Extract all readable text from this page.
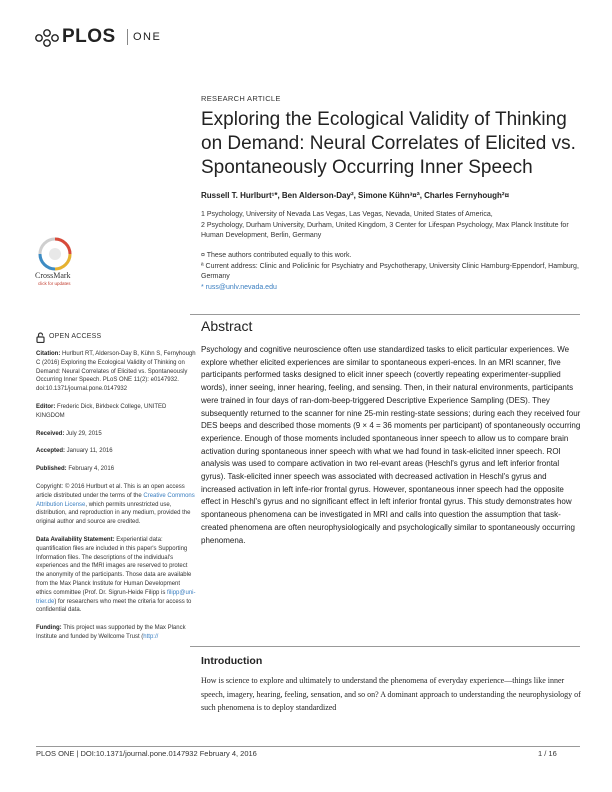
PLOS ONE
RESEARCH ARTICLE
Exploring the Ecological Validity of Thinking on Demand: Neural Correlates of Elicited vs. Spontaneously Occurring Inner Speech
Russell T. Hurlburt¹*, Ben Alderson-Day², Simone Kühn³¤ª, Charles Fernyhough²¤
1 Psychology, University of Nevada Las Vegas, Las Vegas, Nevada, United States of America,
2 Psychology, Durham University, Durham, United Kingdom, 3 Center for Lifespan Psychology, Max Planck Institute for Human Development, Berlin, Germany
¤ These authors contributed equally to this work.
ª Current address: Clinic and Policlinic for Psychiatry and Psychotherapy, University Clinic Hamburg-Eppendorf, Hamburg, Germany
* russ@unlv.nevada.edu
CrossMark
click for updates
OPEN ACCESS

Citation: Hurlburt RT, Alderson-Day B, Kühn S, Fernyhough C (2016) Exploring the Ecological Validity of Thinking on Demand: Neural Correlates of Elicited vs. Spontaneously Occurring Inner Speech. PLoS ONE 11(2): e0147932. doi:10.1371/journal.pone.0147932

Editor: Frederic Dick, Birkbeck College, UNITED KINGDOM

Received: July 29, 2015

Accepted: January 11, 2016

Published: February 4, 2016

Copyright: © 2016 Hurlburt et al. This is an open access article distributed under the terms of the Creative Commons Attribution License, which permits unrestricted use, distribution, and reproduction in any medium, provided the original author and source are credited.

Data Availability Statement: Experiential data: quantification files are included in this paper's Supporting Information files. The descriptions of the individual's experiences and the fMRI images are reserved to protect the anonymity of the participants. Those data are available from the Max Planck Institute for Human Development ethics committee (Prof. Dr. Sigrun-Heide Filipp is filipp@uni-trier.de) for researchers who meet the criteria for access to confidential data.

Funding: This project was supported by the Max Planck Institute and funded by Wellcome Trust (http://

Abstract

Psychology and cognitive neuroscience often use standardized tasks to elicit particular experiences. We explore whether elicited experiences are similar to spontaneous experi-ences. In an MRI scanner, five participants performed tasks designed to elicit inner speech (covertly repeating experimenter-supplied words), inner seeing, inner hearing, feeling, and sensing. Then, in their natural environments, participants were trained in four days of ran-dom-beep-triggered Descriptive Experience Sampling (DES). They subsequently returned to the scanner for nine 25-min resting-state sessions; during each they received four DES beeps and described those moments (9 × 4 = 36 moments per participant) of spontaneously occurring experience. Enough of those moments included spontaneous inner speech to allow us to compare brain activation during spontaneous inner speech with what we had found in task-elicited inner speech. ROI analysis was used to compare activation in two rel-evant areas (Heschl's gyrus and left inferior frontal gyrus). Task-elicited inner speech was associated with decreased activation in Heschl's gyrus and increased activation in left infe-rior frontal gyrus. However, spontaneous inner speech had the opposite effect in Heschl's gyrus and no significant effect in left inferior frontal gyrus. This study demonstrates how spontaneous phenomena can be investigated in MRI and calls into question the assumption that task-created phenomena are often neurophysiologically and psychologically similar to spontaneously occurring phenomena.

Introduction

How is science to explore and ultimately to understand the phenomena of everyday experience—things like inner speech, imagery, hearing, feeling, sensation, and so on? A dominant approach to understanding the neurophysiology of such phenomena is to deploy standardized

PLOS ONE | DOI:10.1371/journal.pone.0147932 February 4, 2016	1 / 16
